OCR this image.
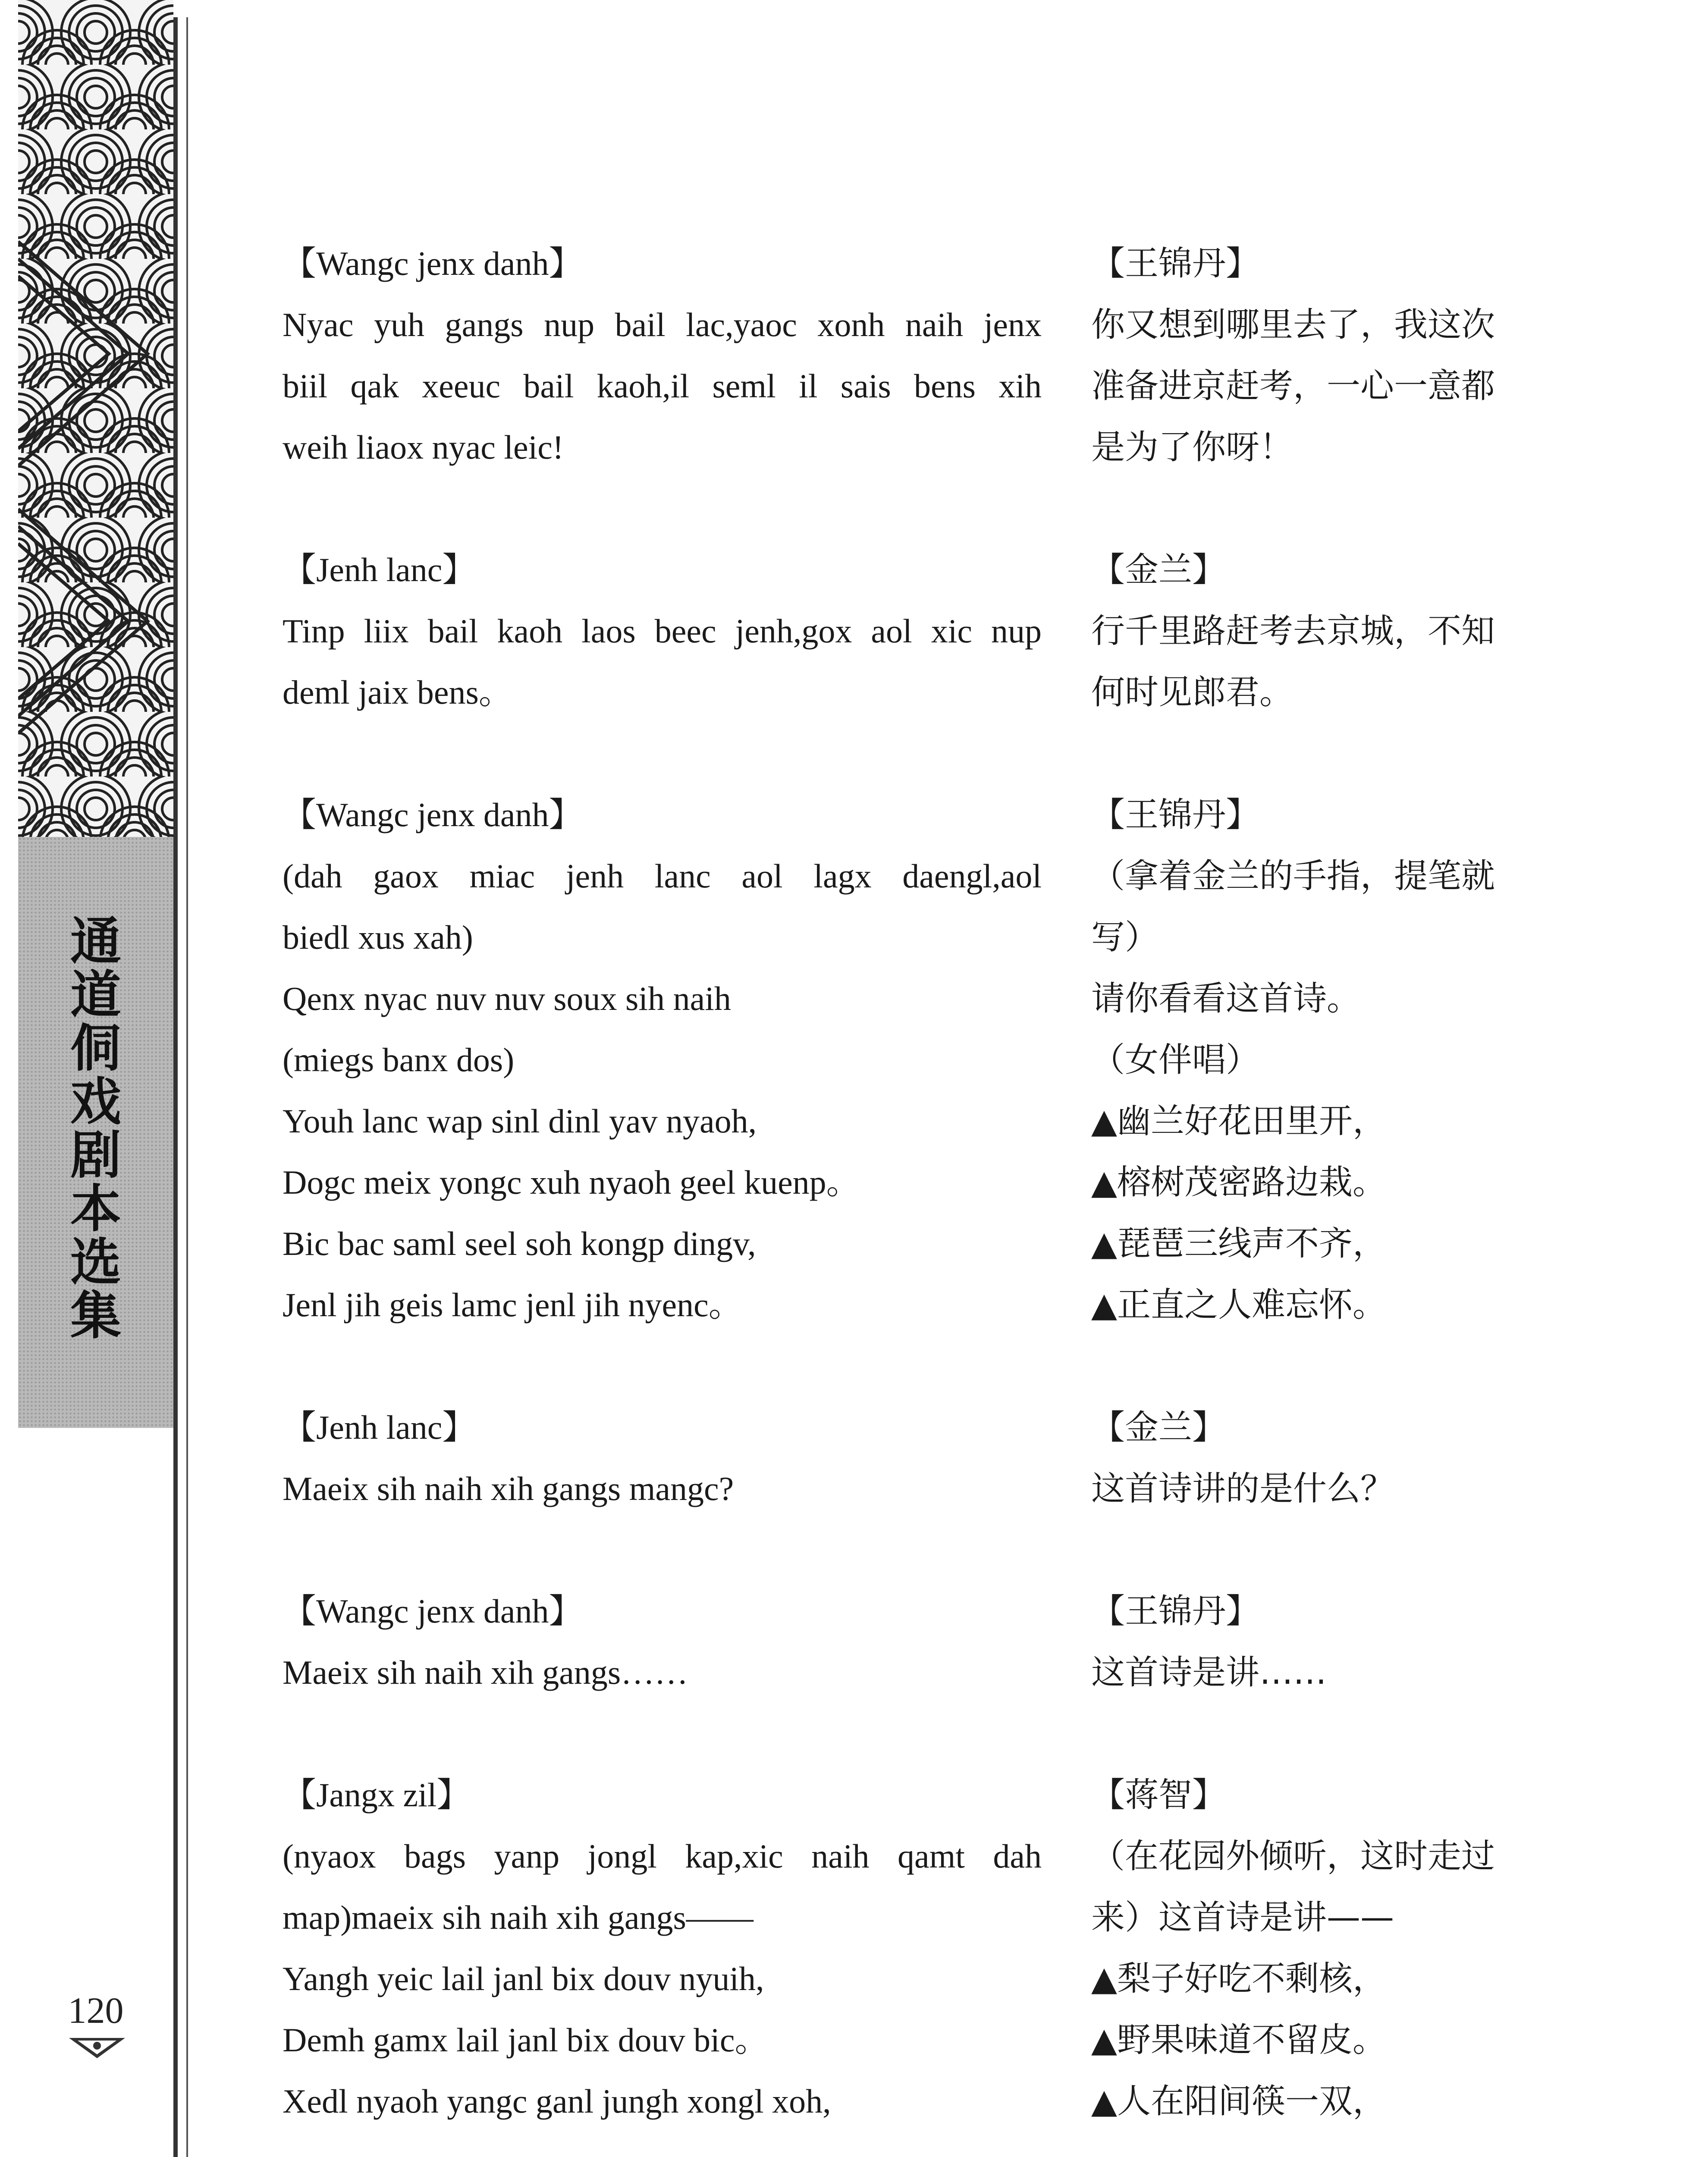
通
道
侗
戏
剧
本
选
集
120
【Wangc jenx danh】
Nyac yuh gangs nup bail lac,yaoc xonh naih jenx
biil qak xeeuc bail kaoh,il seml il sais bens xih
weih liaox nyac leic!
【Jenh lanc】
Tinp liix bail kaoh laos beec jenh,gox aol xic nup
deml jaix bens。
【Wangc jenx danh】
(dah gaox miac jenh lanc aol lagx daengl,aol
biedl xus xah)
Qenx nyac nuv nuv soux sih naih
(miegs banx dos)
Youh lanc wap sinl dinl yav nyaoh,
Dogc meix yongc xuh nyaoh geel kuenp。
Bic bac saml seel soh kongp dingv,
Jenl jih geis lamc jenl jih nyenc。
【Jenh lanc】
Maeix sih naih xih gangs mangc?
【Wangc jenx danh】
Maeix sih naih xih gangs……
【Jangx zil】
(nyaox bags yanp jongl kap,xic naih qamt dah
map)maeix sih naih xih gangs——
Yangh yeic lail janl bix douv nyuih,
Demh gamx lail janl bix douv bic。
Xedl nyaoh yangc ganl jungh xongl xoh,
【王锦丹】
你又想到哪里去了，我这次
准备进京赶考，一心一意都
是为了你呀！
【金兰】
行千里路赶考去京城，不知
何时见郎君。
【王锦丹】
（拿着金兰的手指，提笔就
写）
请你看看这首诗。
（女伴唱）
▲幽兰好花田里开，
▲榕树茂密路边栽。
▲琵琶三线声不齐，
▲正直之人难忘怀。
【金兰】
这首诗讲的是什么？
【王锦丹】
这首诗是讲……
【蒋智】
（在花园外倾听，这时走过
来）这首诗是讲——
▲梨子好吃不剩核，
▲野果味道不留皮。
▲人在阳间筷一双，
